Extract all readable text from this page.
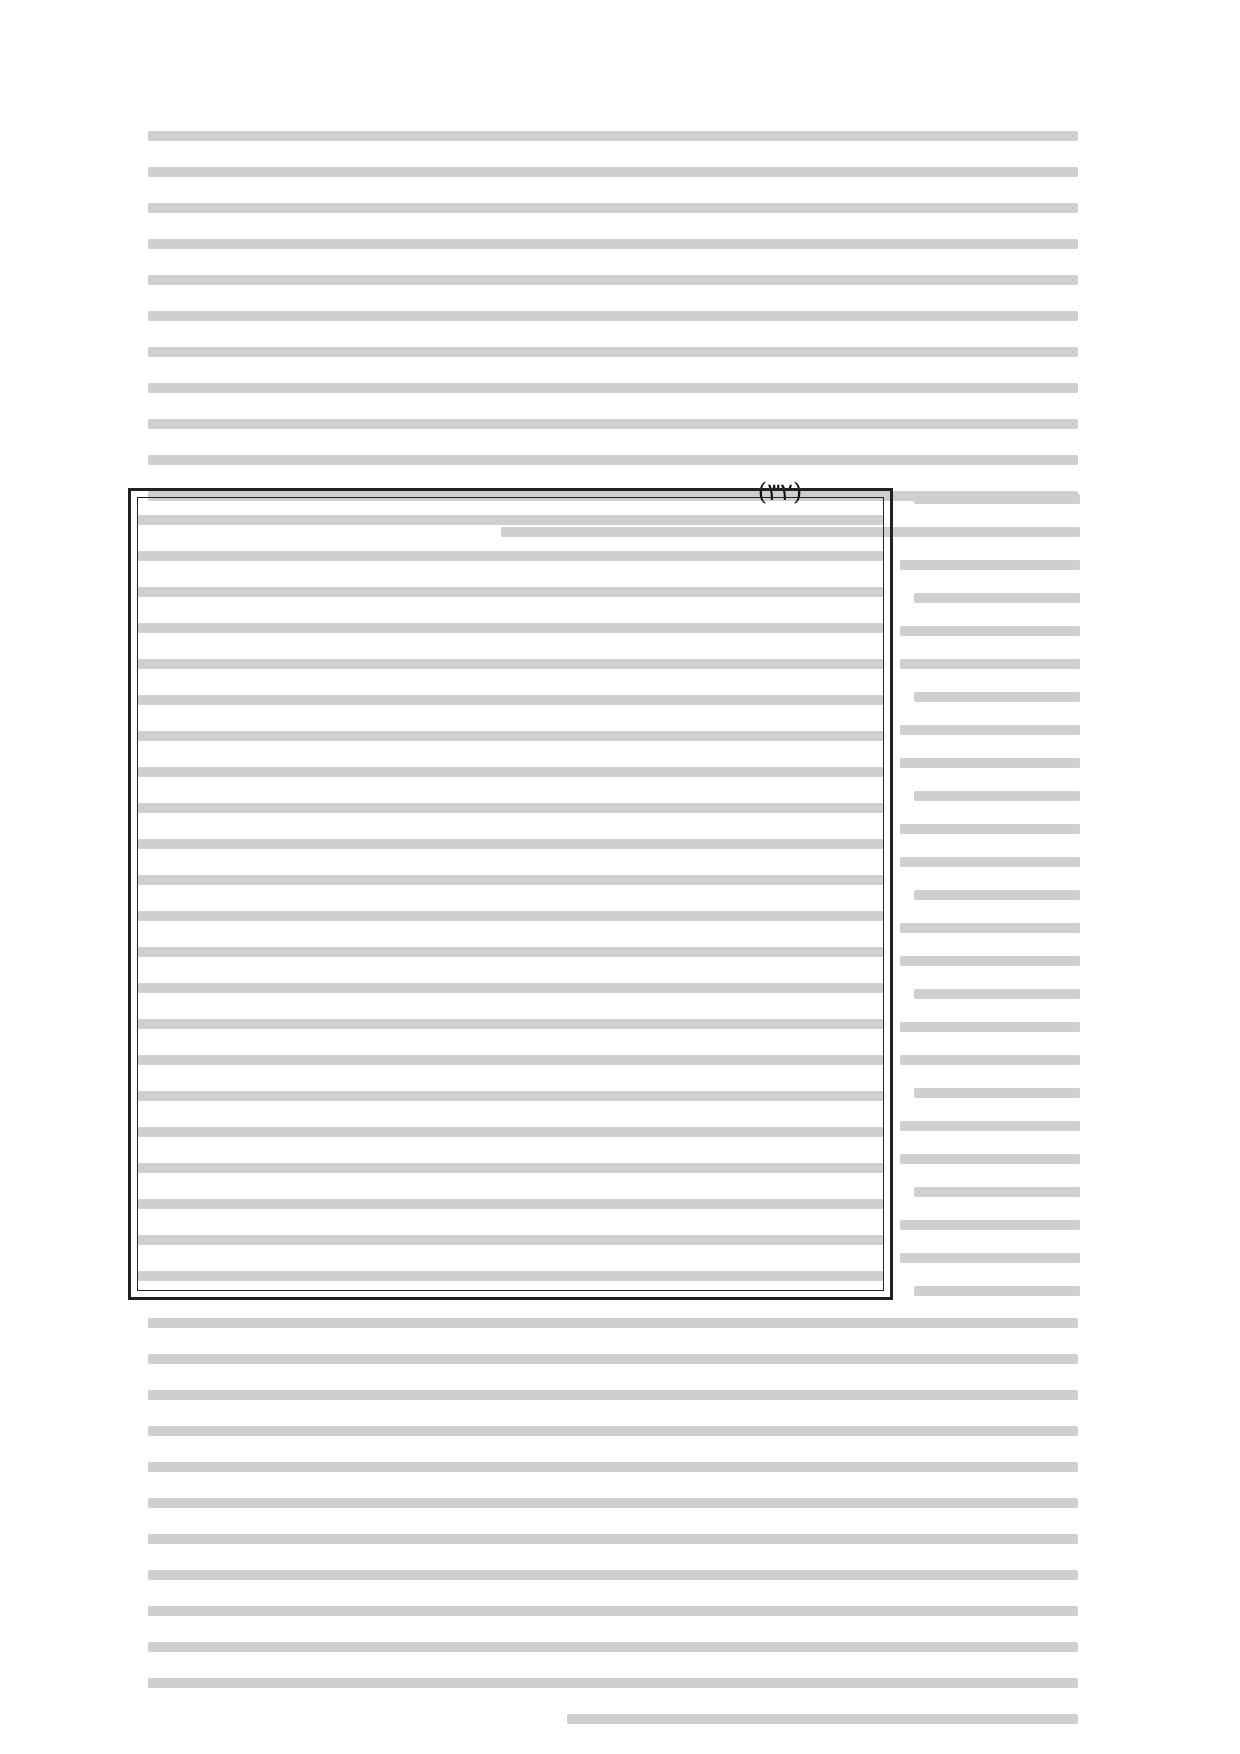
(٣٢)
